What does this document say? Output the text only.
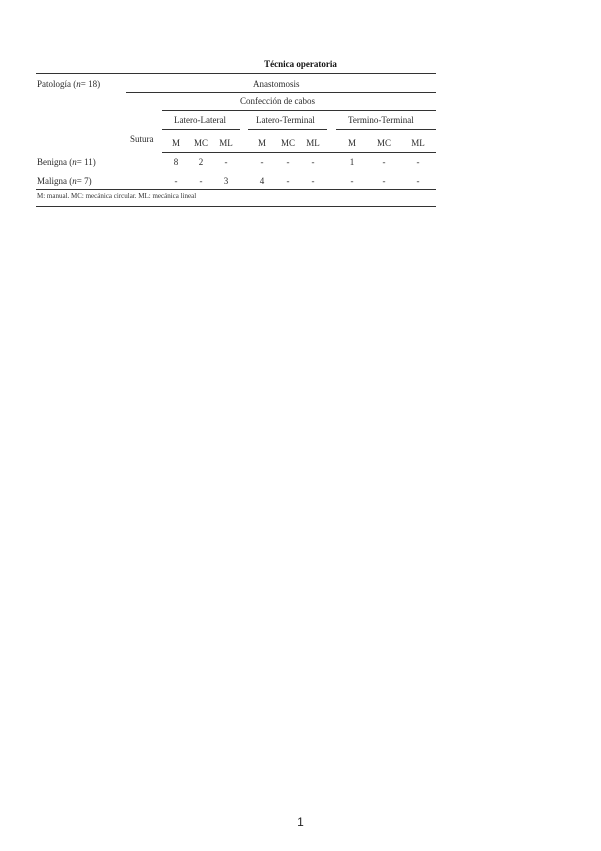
Técnica operatoria
Patología (n= 18)	Anastomosis
Confección de cabos
Latero-Lateral	Latero-Terminal	Termino-Terminal
Sutura	M	MC	ML	M	MC	ML	M	MC	ML
Benigna (n= 11)	8	2	-	-	-	-	1	-	-
Maligna (n= 7)	-	-	3	4	-	-	-	-	-
M: manual. MC: mecánica circular. ML: mecánica lineal
1
